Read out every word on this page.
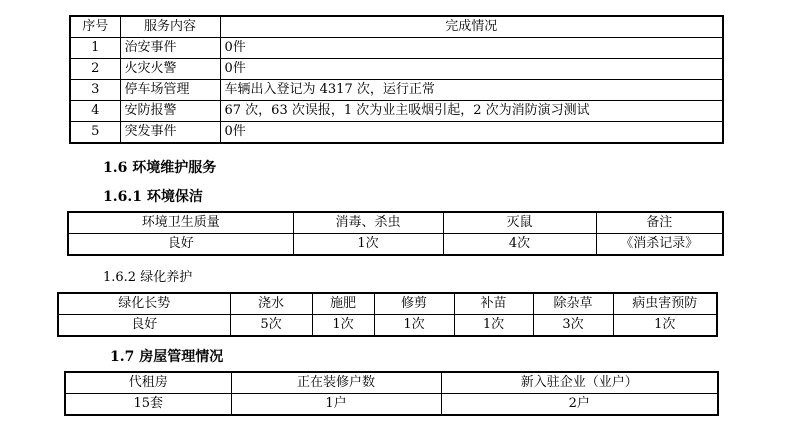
序号	服务内容	完成情况
1	治安事件	0件
2	火灾火警	0件
3	停车场管理	车辆出入登记为 4317 次，运行正常
4	安防报警	67 次，63 次误报，1 次为业主吸烟引起，2 次为消防演习测试
5	突发事件	0件
1.6 环境维护服务
1.6.1 环境保洁
环境卫生质量	消毒、杀虫	灭鼠	备注
良好	1次	4次	《消杀记录》
1.6.2 绿化养护
绿化长势	浇水	施肥	修剪	补苗	除杂草	病虫害预防
良好	5次	1次	1次	1次	3次	1次
1.7 房屋管理情况
代租房	正在装修户数	新入驻企业（业户）
15套	1户	2户
